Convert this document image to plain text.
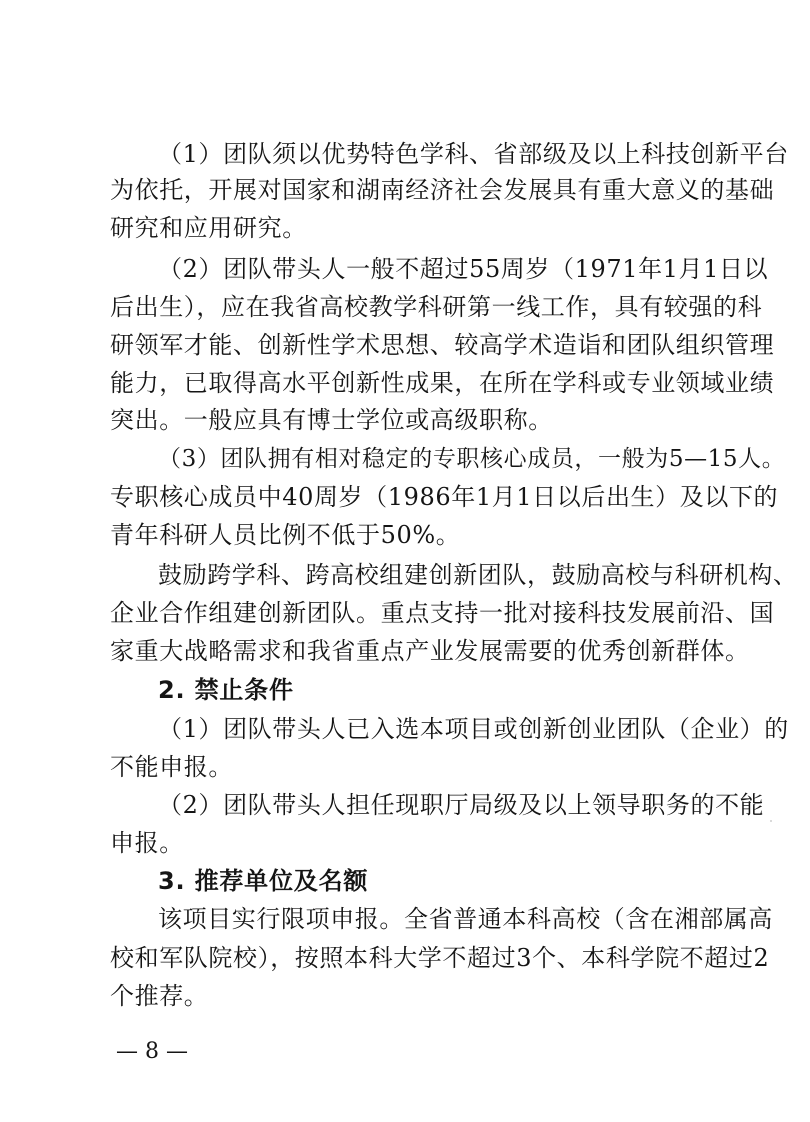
（1）团队须以优势特色学科、省部级及以上科技创新平台

为依托，开展对国家和湖南经济社会发展具有重大意义的基础

研究和应用研究。

（2）团队带头人一般不超过55周岁（1971年1月1日以

后出生），应在我省高校教学科研第一线工作，具有较强的科

研领军才能、创新性学术思想、较高学术造诣和团队组织管理

能力，已取得高水平创新性成果，在所在学科或专业领域业绩

突出。一般应具有博士学位或高级职称。

（3）团队拥有相对稳定的专职核心成员，一般为5—15人。

专职核心成员中40周岁（1986年1月1日以后出生）及以下的

青年科研人员比例不低于50%。

鼓励跨学科、跨高校组建创新团队，鼓励高校与科研机构、

企业合作组建创新团队。重点支持一批对接科技发展前沿、国

家重大战略需求和我省重点产业发展需要的优秀创新群体。

2. 禁止条件

（1）团队带头人已入选本项目或创新创业团队（企业）的

不能申报。

（2）团队带头人担任现职厅局级及以上领导职务的不能

申报。

3. 推荐单位及名额

该项目实行限项申报。全省普通本科高校（含在湘部属高

校和军队院校），按照本科大学不超过3个、本科学院不超过2

个推荐。

— 8 —
